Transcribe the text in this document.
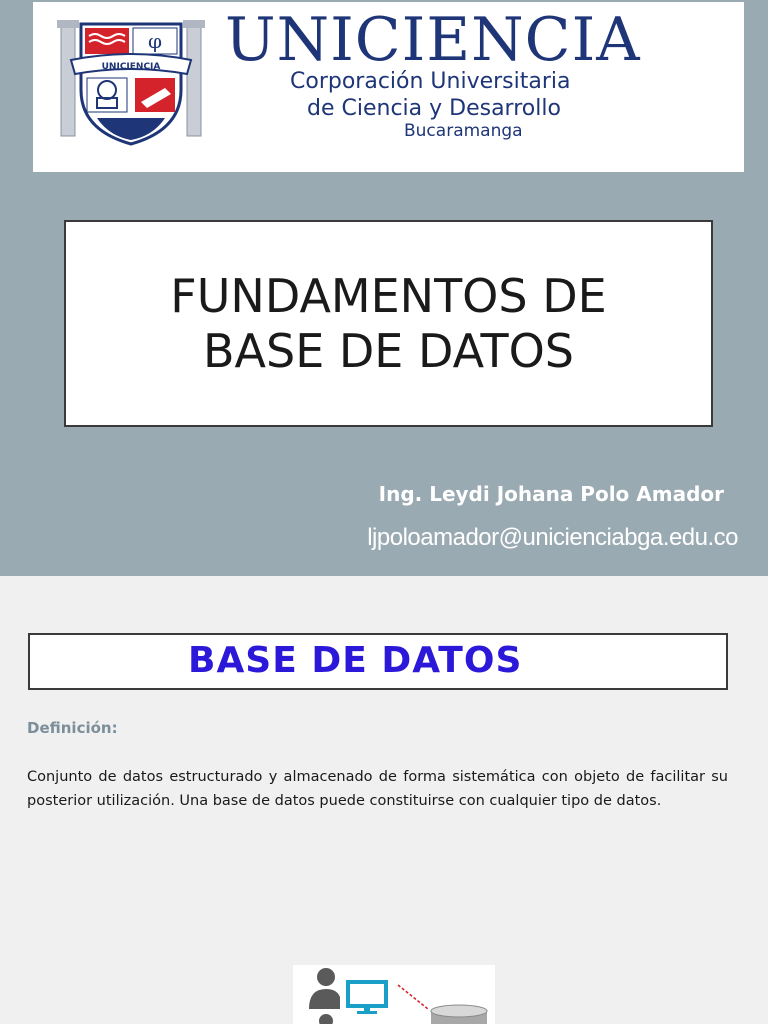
φ
UNICIENCIA UNICIENCIA
Corporación Universitaria
de Ciencia y Desarrollo
Bucaramanga
FUNDAMENTOS DE
BASE DE DATOS
Ing. Leydi Johana Polo Amador
ljpoloamador@unicienciabga.edu.co
BASE DE DATOS
Definición:
Conjunto de datos estructurado y almacenado de forma sistemática con objeto de facilitar su posterior utilización. Una base de datos puede constituirse con cualquier tipo de datos.
